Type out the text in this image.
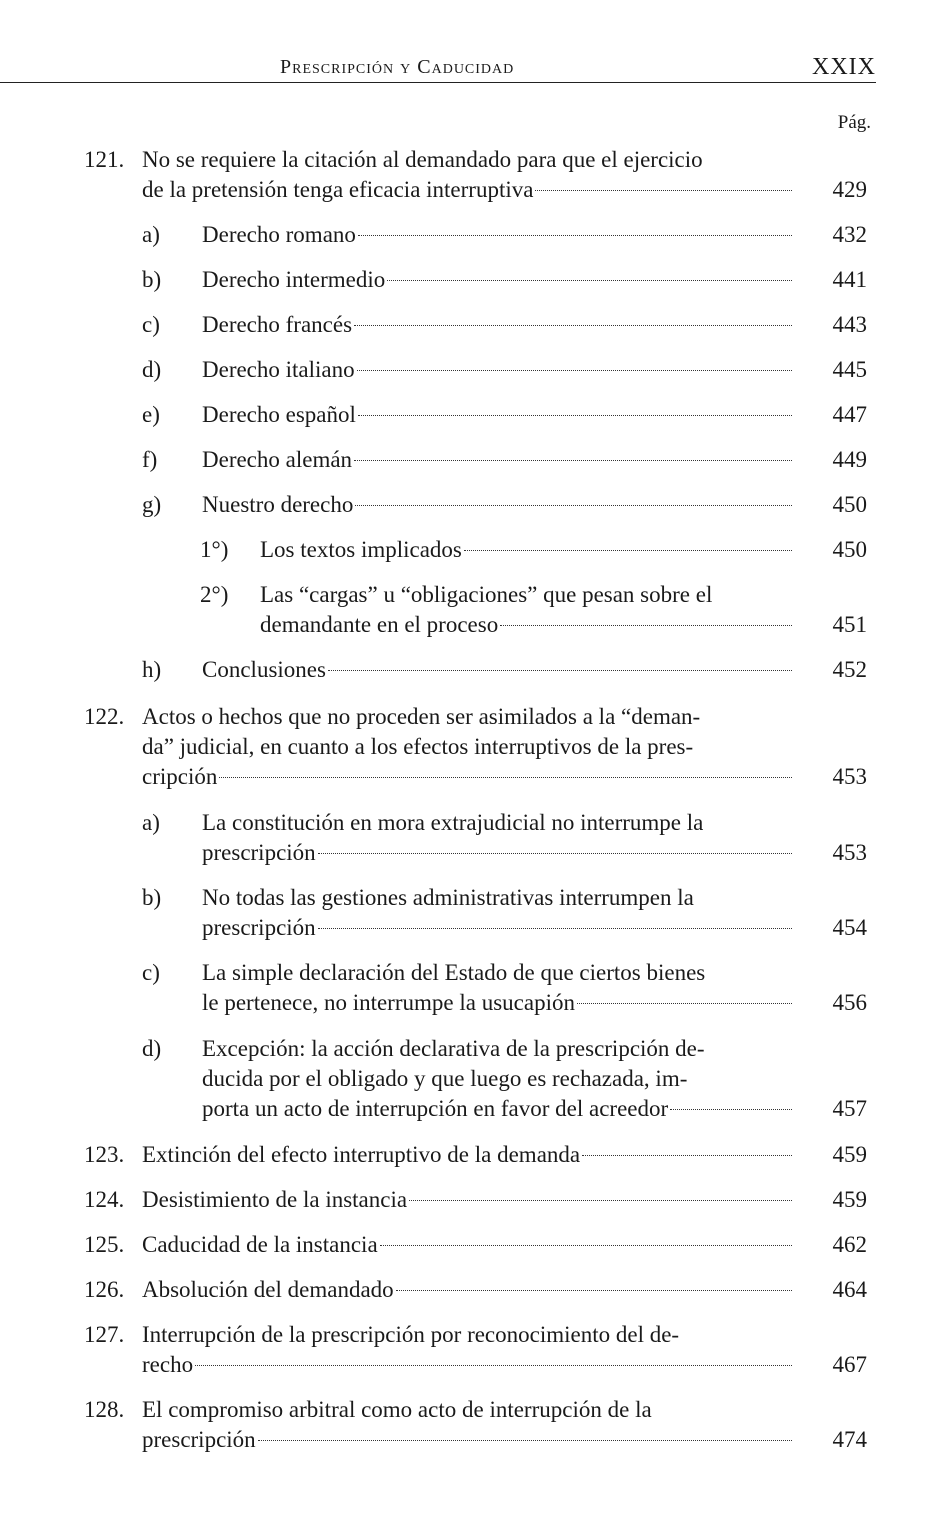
Prescripción y Caducidad	XXIX
Pág.
121. No se requiere la citación al demandado para que el ejercicio
de la pretensión tenga eficacia interruptiva	429
a) Derecho romano	432
b) Derecho intermedio	441
c) Derecho francés	443
d) Derecho italiano	445
e) Derecho español	447
f) Derecho alemán	449
g) Nuestro derecho	450
1°) Los textos implicados	450
2°) Las “cargas” u “obligaciones” que pesan sobre el
demandante en el proceso	451
h) Conclusiones	452
122. Actos o hechos que no proceden ser asimilados a la “deman-
da” judicial, en cuanto a los efectos interruptivos de la pres-
cripción	453
a) La constitución en mora extrajudicial no interrumpe la
prescripción	453
b) No todas las gestiones administrativas interrumpen la
prescripción	454
c) La simple declaración del Estado de que ciertos bienes
le pertenece, no interrumpe la usucapión	456
d) Excepción: la acción declarativa de la prescripción de-
ducida por el obligado y que luego es rechazada, im-
porta un acto de interrupción en favor del acreedor	457
123. Extinción del efecto interruptivo de la demanda	459
124. Desistimiento de la instancia	459
125. Caducidad de la instancia	462
126. Absolución del demandado	464
127. Interrupción de la prescripción por reconocimiento del de-
recho	467
128. El compromiso arbitral como acto de interrupción de la
prescripción	474
